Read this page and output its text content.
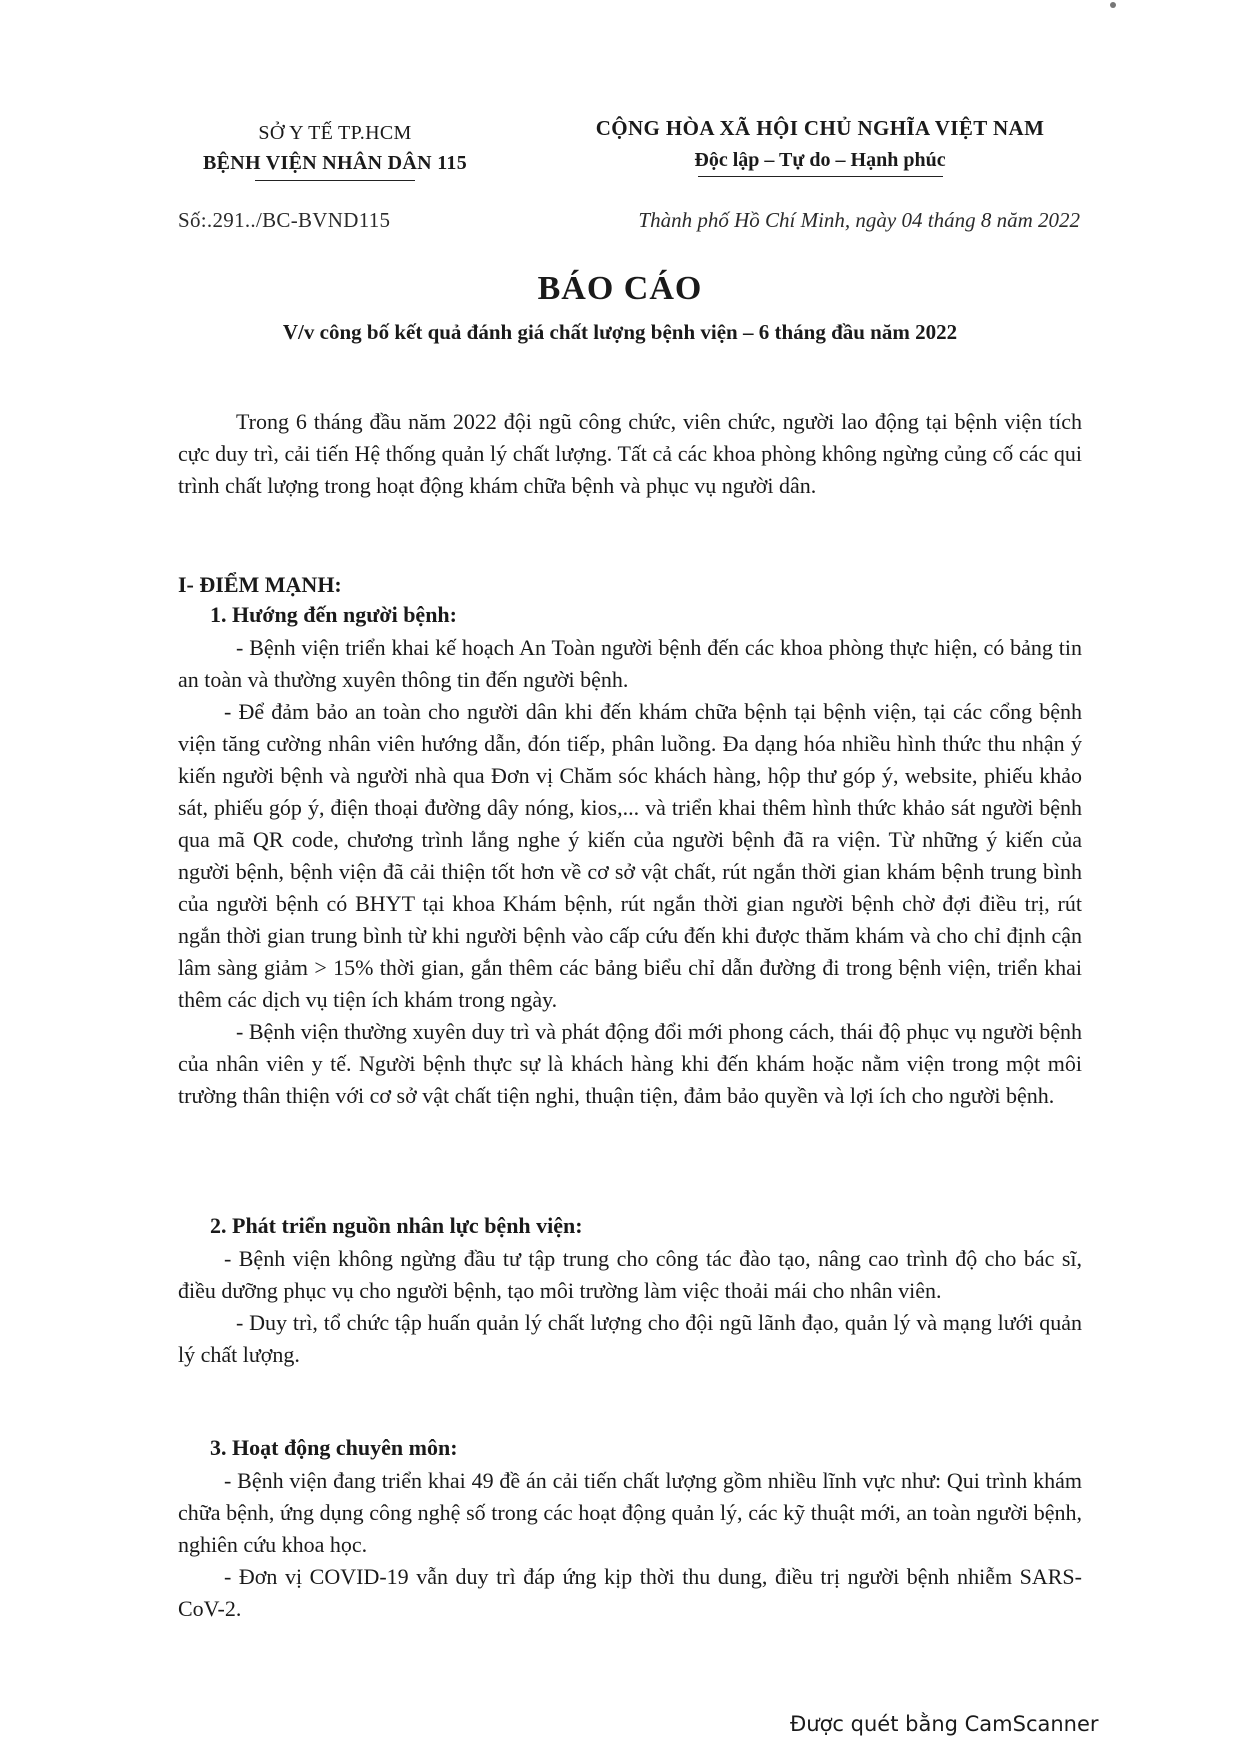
SỞ Y TẾ TP.HCM
BỆNH VIỆN NHÂN DÂN 115
CỘNG HÒA XÃ HỘI CHỦ NGHĨA VIỆT NAM
Độc lập – Tự do – Hạnh phúc
Số:.291../BC-BVND115	Thành phố Hồ Chí Minh, ngày 04 tháng 8 năm 2022
BÁO CÁO
V/v công bố kết quả đánh giá chất lượng bệnh viện – 6 tháng đầu năm 2022

Trong 6 tháng đầu năm 2022 đội ngũ công chức, viên chức, người lao động tại bệnh viện tích cực duy trì, cải tiến Hệ thống quản lý chất lượng. Tất cả các khoa phòng không ngừng củng cố các qui trình chất lượng trong hoạt động khám chữa bệnh và phục vụ người dân.

I- ĐIỂM MẠNH:
1. Hướng đến người bệnh:

- Bệnh viện triển khai kế hoạch An Toàn người bệnh đến các khoa phòng thực hiện, có bảng tin an toàn và thường xuyên thông tin đến người bệnh.

- Để đảm bảo an toàn cho người dân khi đến khám chữa bệnh tại bệnh viện, tại các cổng bệnh viện tăng cường nhân viên hướng dẫn, đón tiếp, phân luồng. Đa dạng hóa nhiều hình thức thu nhận ý kiến người bệnh và người nhà qua Đơn vị Chăm sóc khách hàng, hộp thư góp ý, website, phiếu khảo sát, phiếu góp ý, điện thoại đường dây nóng, kios,... và triển khai thêm hình thức khảo sát người bệnh qua mã QR code, chương trình lắng nghe ý kiến của người bệnh đã ra viện. Từ những ý kiến của người bệnh, bệnh viện đã cải thiện tốt hơn về cơ sở vật chất, rút ngắn thời gian khám bệnh trung bình của người bệnh có BHYT tại khoa Khám bệnh, rút ngắn thời gian người bệnh chờ đợi điều trị, rút ngắn thời gian trung bình từ khi người bệnh vào cấp cứu đến khi được thăm khám và cho chỉ định cận lâm sàng giảm > 15% thời gian, gắn thêm các bảng biểu chỉ dẫn đường đi trong bệnh viện, triển khai thêm các dịch vụ tiện ích khám trong ngày.

- Bệnh viện thường xuyên duy trì và phát động đổi mới phong cách, thái độ phục vụ người bệnh của nhân viên y tế. Người bệnh thực sự là khách hàng khi đến khám hoặc nằm viện trong một môi trường thân thiện với cơ sở vật chất tiện nghi, thuận tiện, đảm bảo quyền và lợi ích cho người bệnh.

2. Phát triển nguồn nhân lực bệnh viện:

- Bệnh viện không ngừng đầu tư tập trung cho công tác đào tạo, nâng cao trình độ cho bác sĩ, điều dưỡng phục vụ cho người bệnh, tạo môi trường làm việc thoải mái cho nhân viên.

- Duy trì, tổ chức tập huấn quản lý chất lượng cho đội ngũ lãnh đạo, quản lý và mạng lưới quản lý chất lượng.

3. Hoạt động chuyên môn:

- Bệnh viện đang triển khai 49 đề án cải tiến chất lượng gồm nhiều lĩnh vực như: Qui trình khám chữa bệnh, ứng dụng công nghệ số trong các hoạt động quản lý, các kỹ thuật mới, an toàn người bệnh, nghiên cứu khoa học.

- Đơn vị COVID-19 vẫn duy trì đáp ứng kịp thời thu dung, điều trị người bệnh nhiễm SARS-CoV-2.

Được quét bằng CamScanner
